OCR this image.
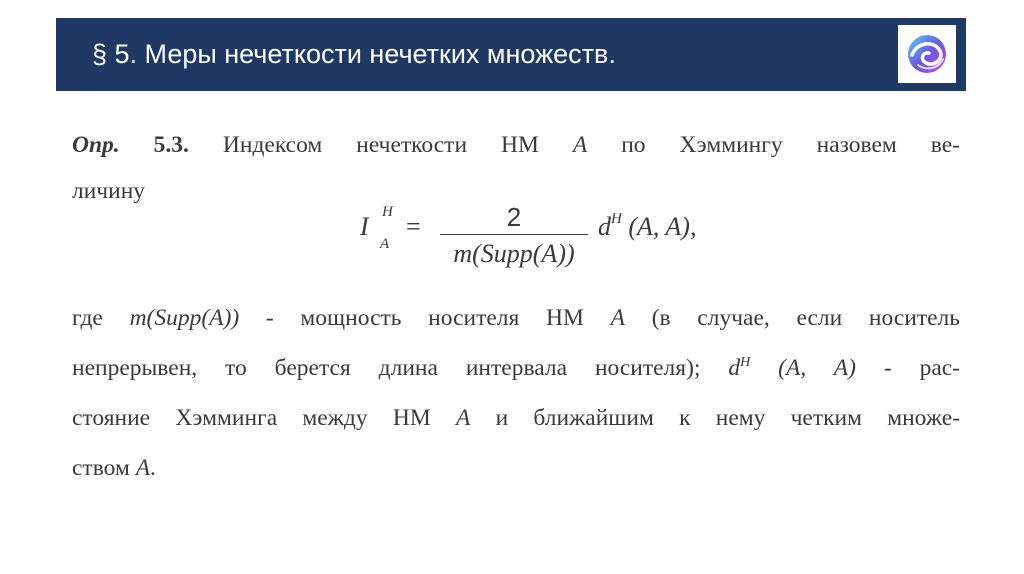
§ 5. Меры нечеткости нечетких множеств.
Опр. 5.3. Индексом нечеткости НМ A по Хэммингу назовем ве-
личину
I H
A
=	2
m(Supp(A))
$d^H$ (A, A),
где m(Supp(A)) - мощность носителя НМ A (в случае, если носитель
непрерывен, то берется длина интервала носителя); $d^H$ (A, A) - рас-
стояние Хэмминга между НМ A и ближайшим к нему четким множе-
ством A.
